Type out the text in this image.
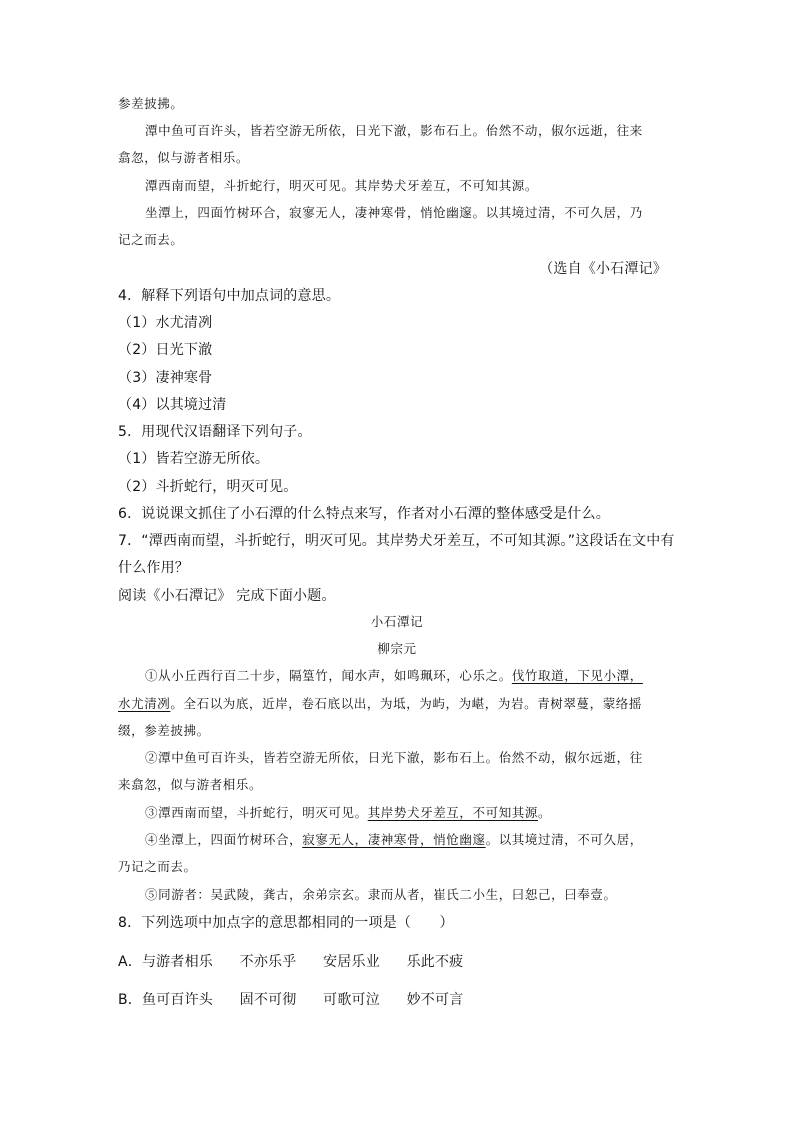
参差披拂。
潭中鱼可百许头，皆若空游无所依，日光下澈，影布石上。佁然不动，俶尔远逝，往来
翕忽，似与游者相乐。
潭西南而望，斗折蛇行，明灭可见。其岸势犬牙差互，不可知其源。
坐潭上，四面竹树环合，寂寥无人，凄神寒骨，悄怆幽邃。以其境过清，不可久居，乃
记之而去。
（选自《小石潭记》
4．解释下列语句中加点词的意思。
（1）水尤清冽
（2）日光下澈
（3）凄神寒骨
（4）以其境过清
5．用现代汉语翻译下列句子。
（1）皆若空游无所依。
（2）斗折蛇行，明灭可见。
6．说说课文抓住了小石潭的什么特点来写，作者对小石潭的整体感受是什么。
7．“潭西南而望，斗折蛇行，明灭可见。其岸势犬牙差互，不可知其源。”这段话在文中有
什么作用？
阅读《小石潭记》 完成下面小题。
小石潭记
柳宗元
①从小丘西行百二十步，隔篁竹，闻水声，如鸣珮环，心乐之。伐竹取道，下见小潭，
水尤清冽。全石以为底，近岸，卷石底以出，为坻，为屿，为嵁，为岩。青树翠蔓，蒙络摇
缀，参差披拂。
②潭中鱼可百许头，皆若空游无所依，日光下澈，影布石上。佁然不动，俶尔远逝，往
来翕忽，似与游者相乐。
③潭西南而望，斗折蛇行，明灭可见。其岸势犬牙差互，不可知其源。
④坐潭上，四面竹树环合，寂寥无人，凄神寒骨，悄怆幽邃。以其境过清，不可久居，
乃记之而去。
⑤同游者：吴武陵，龚古，余弟宗玄。隶而从者，崔氏二小生，曰恕己，曰奉壹。
8．下列选项中加点字的意思都相同的一项是（　　）
A．与游者相乐 不亦乐乎 安居乐业 乐此不疲
B．鱼可百许头 固不可彻 可歌可泣 妙不可言
